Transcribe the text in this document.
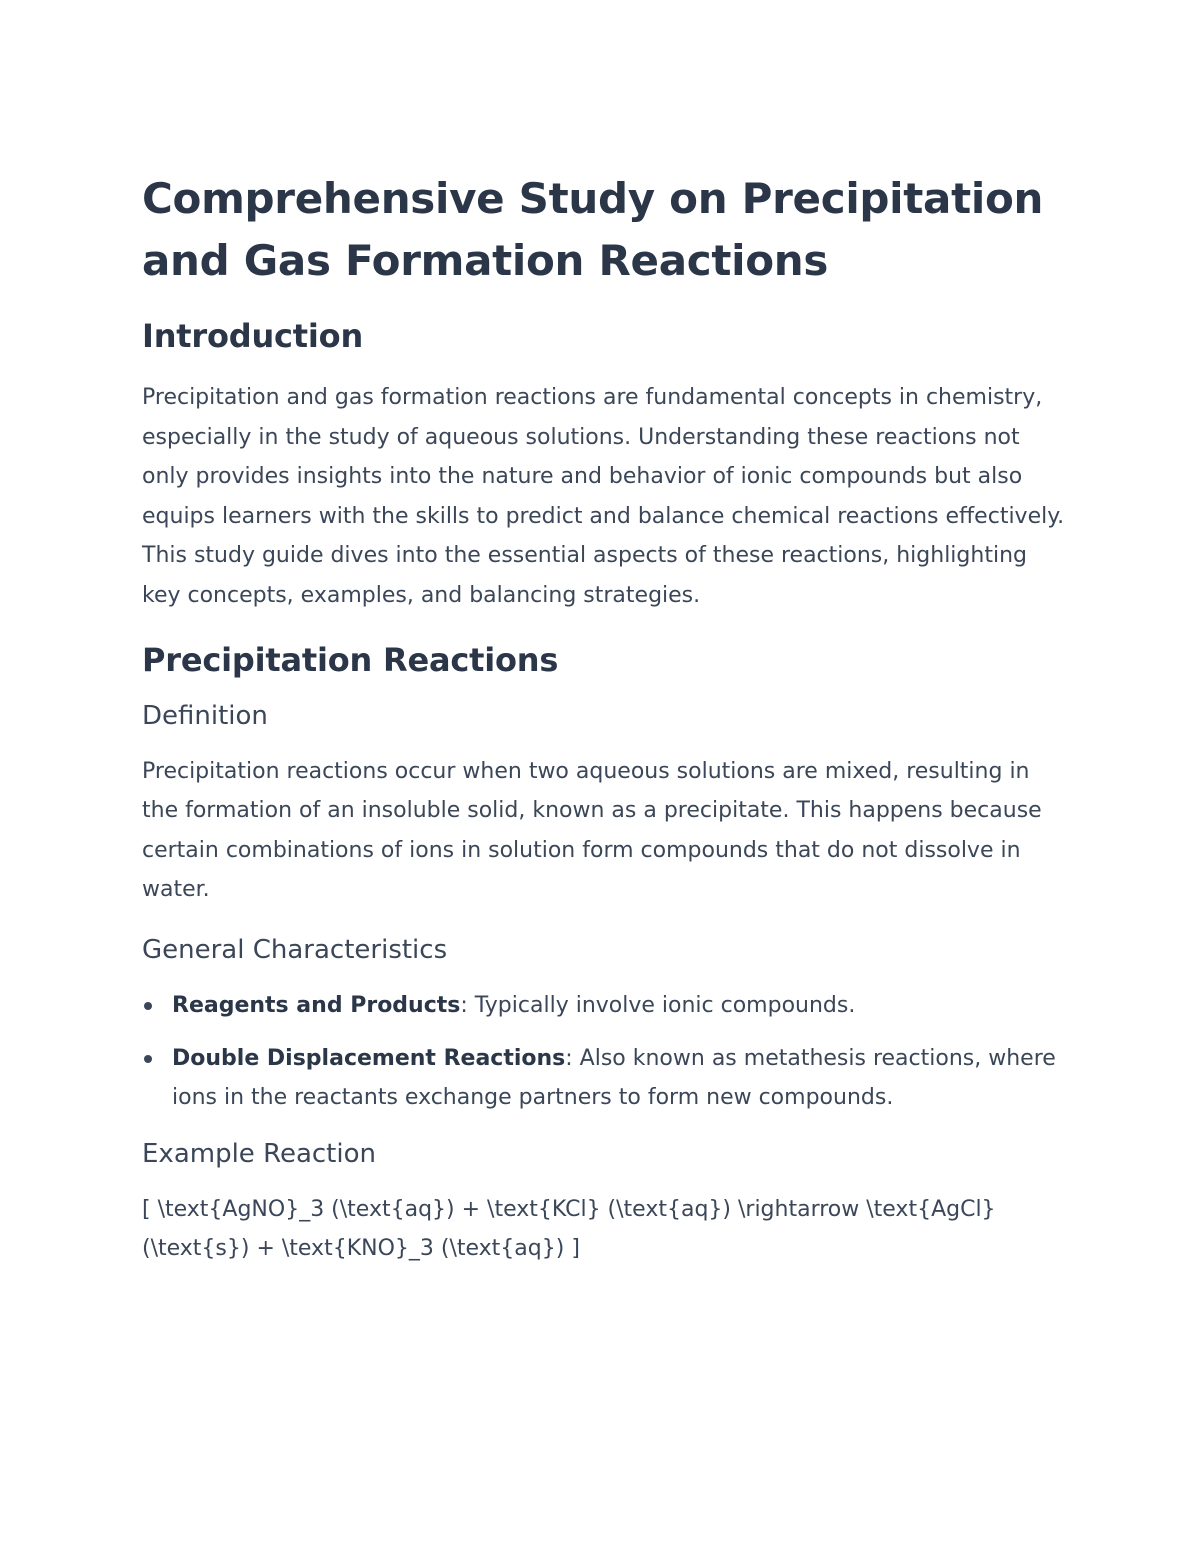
Comprehensive Study on Precipitation and Gas Formation Reactions
Introduction

Precipitation and gas formation reactions are fundamental concepts in chemistry, especially in the study of aqueous solutions. Understanding these reactions not only provides insights into the nature and behavior of ionic compounds but also equips learners with the skills to predict and balance chemical reactions effectively. This study guide dives into the essential aspects of these reactions, highlighting key concepts, examples, and balancing strategies.

Precipitation Reactions
Definition

Precipitation reactions occur when two aqueous solutions are mixed, resulting in the formation of an insoluble solid, known as a precipitate. This happens because certain combinations of ions in solution form compounds that do not dissolve in water.

General Characteristics
Reagents and Products: Typically involve ionic compounds.
Double Displacement Reactions: Also known as metathesis reactions, where ions in the reactants exchange partners to form new compounds.
Example Reaction

[ \text{AgNO}_3 (\text{aq}) + \text{KCl} (\text{aq}) \rightarrow \text{AgCl} (\text{s}) + \text{KNO}_3 (\text{aq}) ]
